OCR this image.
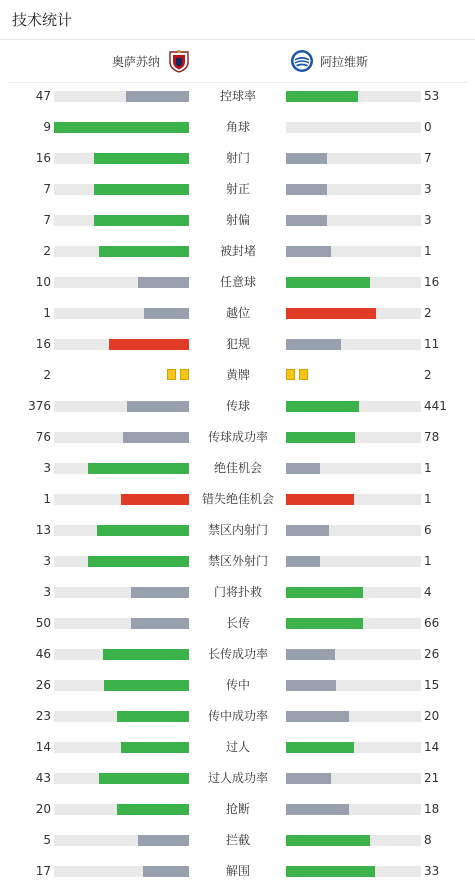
技术统计
奥萨苏纳	阿拉维斯
47	控球率	53
9	角球	0
16	射门	7
7	射正	3
7	射偏	3
2	被封堵	1
10	任意球	16
1	越位	2
16	犯规	11
2	黄牌	2
376	传球	441
76	传球成功率	78
3	绝佳机会	1
1	错失绝佳机会	1
13	禁区内射门	6
3	禁区外射门	1
3	门将扑救	4
50	长传	66
46	长传成功率	26
26	传中	15
23	传中成功率	20
14	过人	14
43	过人成功率	21
20	抢断	18
5	拦截	8
17	解围	33
